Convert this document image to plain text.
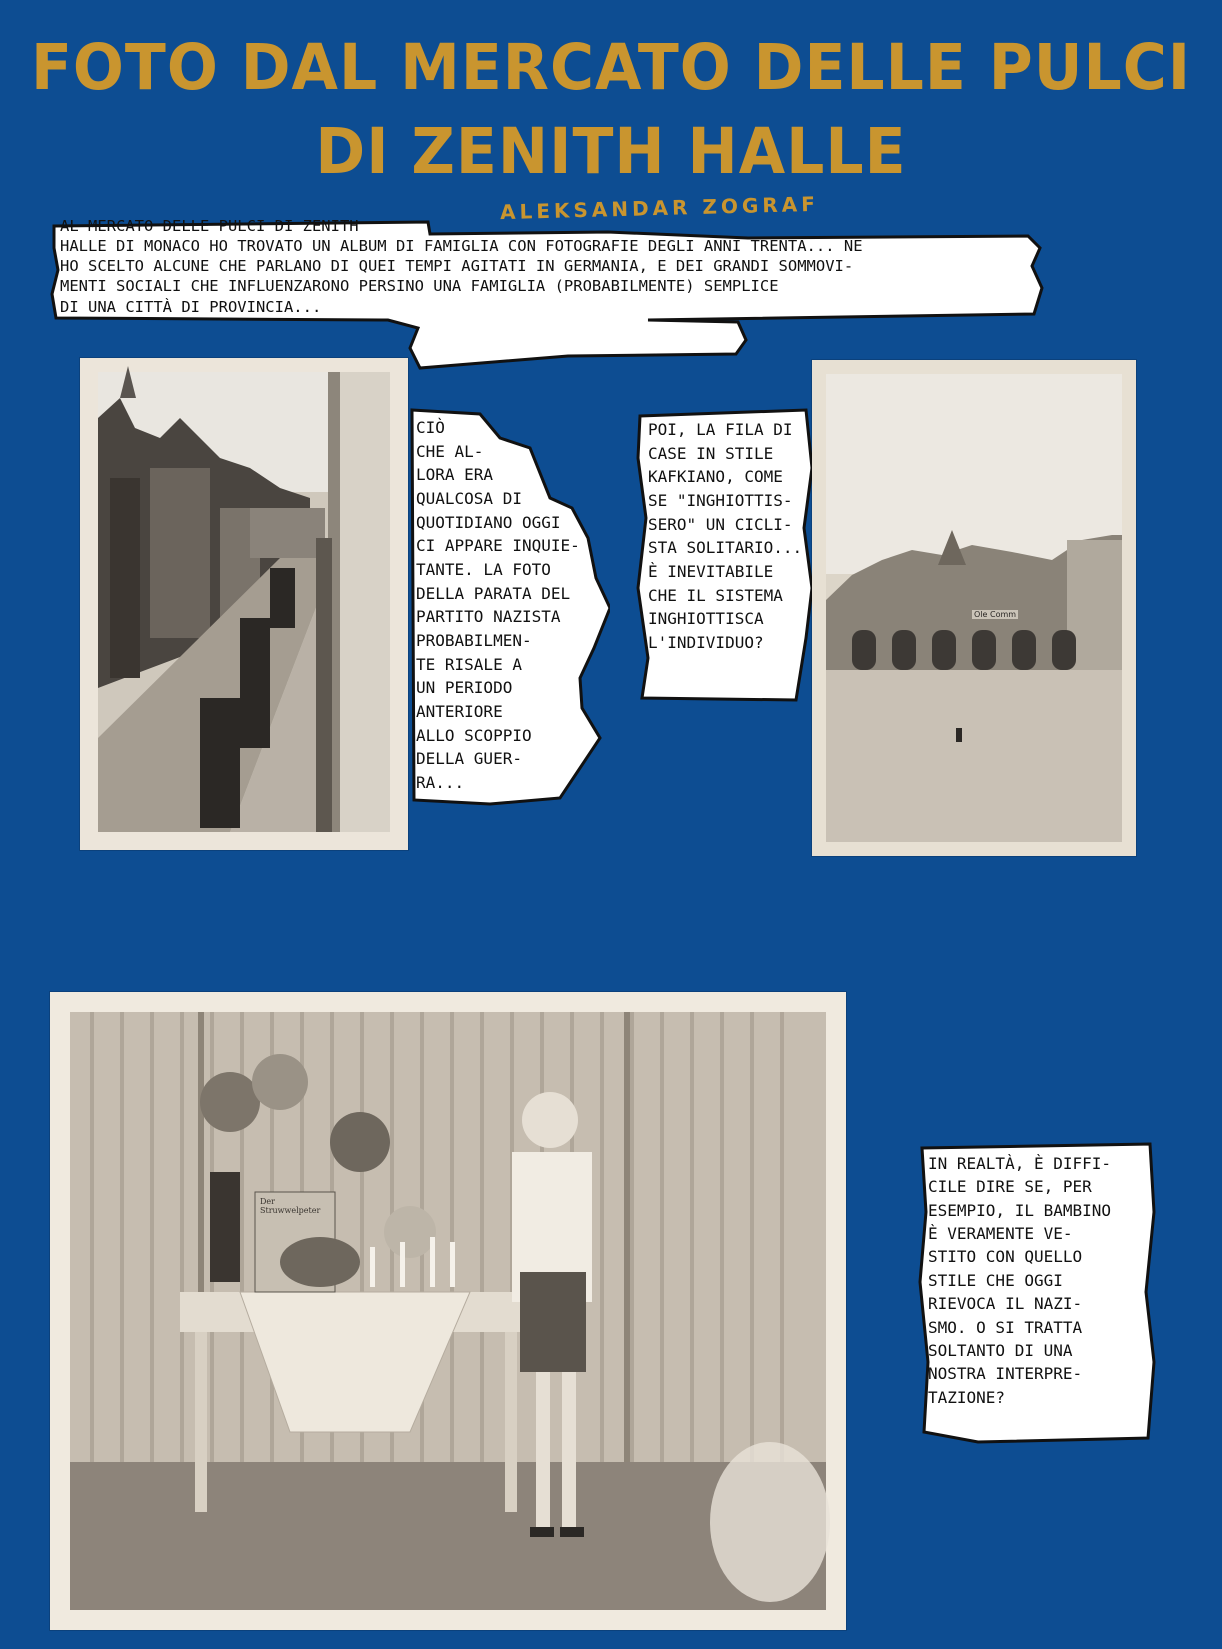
FOTO DAL MERCATO DELLE PULCI
DI ZENITH HALLE
ALEKSANDAR ZOGRAF
AL MERCATO DELLE PULCI DI ZENITH
HALLE DI MONACO HO TROVATO UN ALBUM DI FAMIGLIA CON FOTOGRAFIE DEGLI ANNI TRENTA... NE
HO SCELTO ALCUNE CHE PARLANO DI QUEI TEMPI AGITATI IN GERMANIA, E DEI GRANDI SOMMOVI-
MENTI SOCIALI CHE INFLUENZARONO PERSINO UNA FAMIGLIA (PROBABILMENTE) SEMPLICE
DI UNA CITTÀ DI PROVINCIA...
CIÒ
CHE AL-
LORA ERA
QUALCOSA DI
QUOTIDIANO OGGI
CI APPARE INQUIE-
TANTE. LA FOTO
DELLA PARATA DEL
PARTITO NAZISTA
PROBABILMEN-
TE RISALE A
UN PERIODO
ANTERIORE
ALLO SCOPPIO
DELLA GUER-
RA...
POI, LA FILA DI
CASE IN STILE
KAFKIANO, COME
SE "INGHIOTTIS-
SERO" UN CICLI-
STA SOLITARIO...
È INEVITABILE
CHE IL SISTEMA
INGHIOTTISCA
L'INDIVIDUO?
Ole Comm
Der Struwwelpeter
IN REALTÀ, È DIFFI-
CILE DIRE SE, PER
ESEMPIO, IL BAMBINO
È VERAMENTE VE-
STITO CON QUELLO
STILE CHE OGGI
RIEVOCA IL NAZI-
SMO. O SI TRATTA
SOLTANTO DI UNA
NOSTRA INTERPRE-
TAZIONE?
